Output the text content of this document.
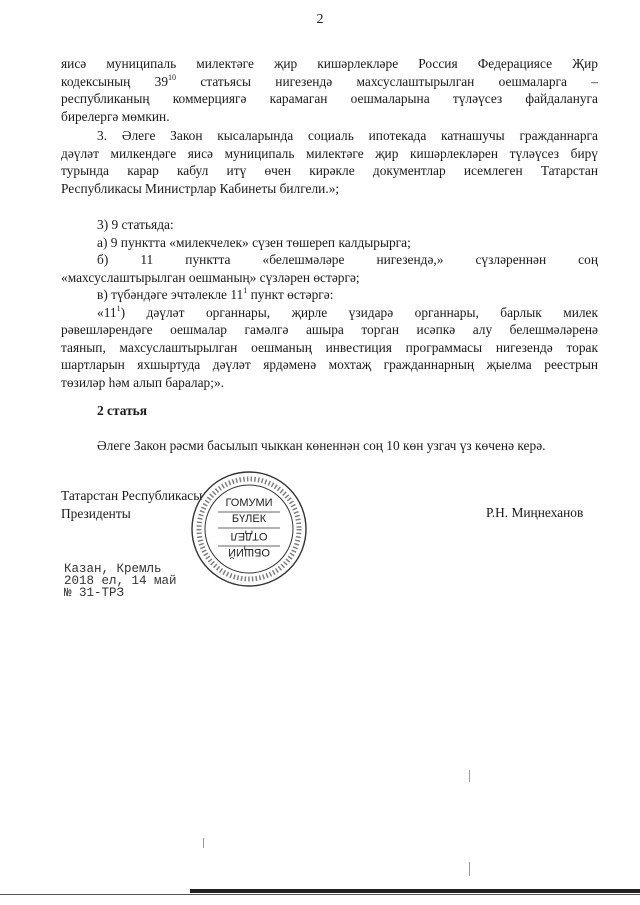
2
яисә муниципаль милектәге җир кишәрлекләре Россия Федерациясе Җир
кодексының $39^{10}$ статьясы нигезендә махсуслаштырылган оешмаларга –
республиканың коммерциягә карамаган оешмаларына түләүсез файдалануга
бирелергә мөмкин.
3. Әлеге Закон кысаларында социаль ипотекада катнашучы гражданнарга
дәүләт милкендәге яисә муниципаль милектәге җир кишәрлекләрен түләүсез бирү
турында карар кабул итү өчен кирәкле документлар исемлеген Татарстан
Республикасы Министрлар Кабинеты билгели.»;
3) 9 статьяда:
а) 9 пунктта «милекчелек» сүзен төшереп калдырырга;
б) 11 пунктта «белешмәләре нигезендә,» сүзләреннән соң
«махсуслаштырылган оешманың» сүзләрен өстәргә;
в) түбәндәге эчтәлекле $11^1$ пункт өстәргә:
«$11^1$) дәүләт органнары, җирле үзидарә органнары, барлык милек
рәвешләрендәге оешмалар гамәлгә ашыра торган исәпкә алу белешмәләренә
таянып, махсуслаштырылган оешманың инвестиция программасы нигезендә торак
шартларын яхшыртуда дәүләт ярдәменә мохтаҗ гражданнарның җыелма реестрын
төзиләр һәм алып баралар;».
2 статья
Әлеге Закон рәсми басылып чыккан көненнән соң 10 көн узгач үз көченә керә.
Татарстан Республикасы
Президенты	Р.Н. Миңнеханов
ГОМУМИ
БҮЛЕК
ОТДЕЛ
ОБЩИЙ
Казан, Кремль
2018 ел, 14 май
№ 31-ТРЗ
